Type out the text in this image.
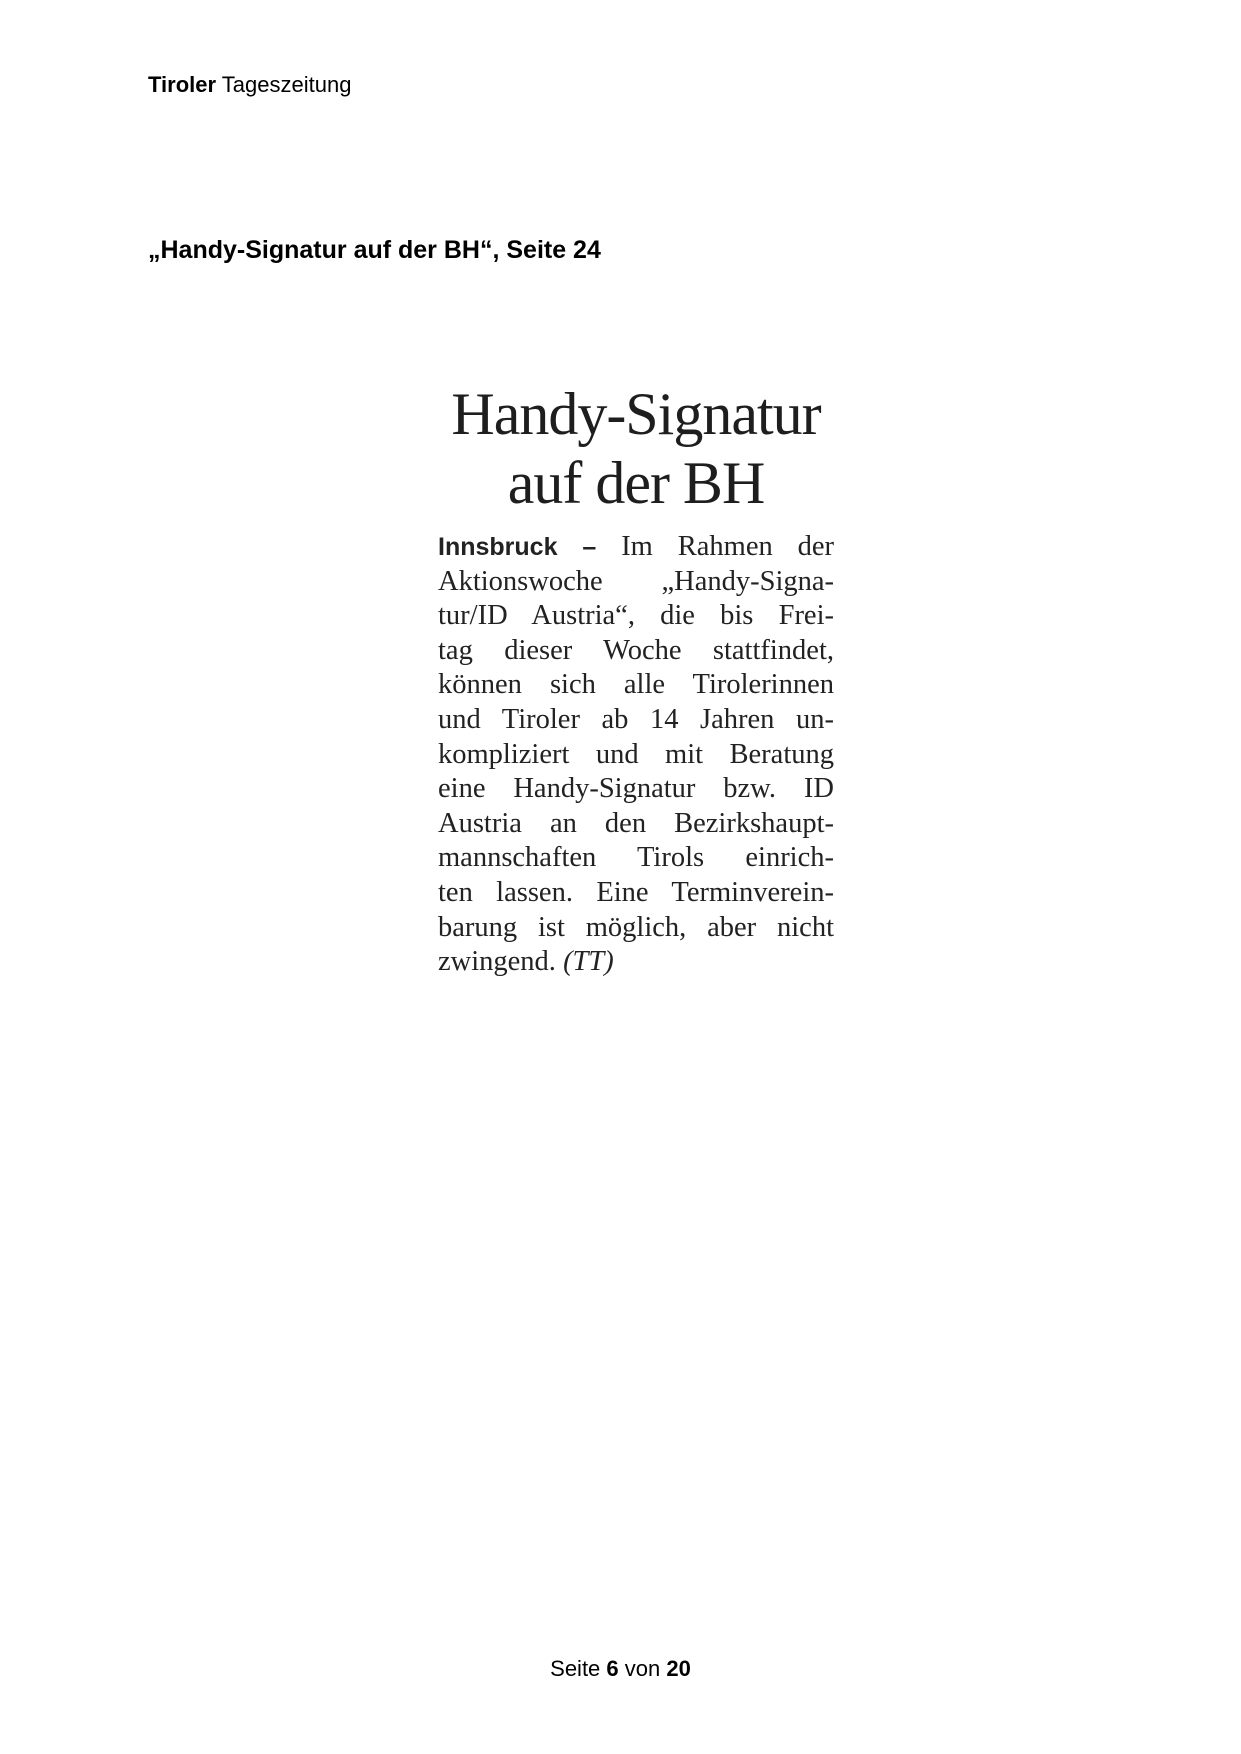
Tiroler Tageszeitung
„Handy-Signatur auf der BH“, Seite 24
Handy-Signatur
auf der BH
Innsbruck – Im Rahmen der
Aktionswoche „Handy-Signa-
tur/ID Austria“, die bis Frei-
tag dieser Woche stattfindet,
können sich alle Tirolerinnen
und Tiroler ab 14 Jahren un-
kompliziert und mit Beratung
eine Handy-Signatur bzw. ID
Austria an den Bezirkshaupt-
mannschaften Tirols einrich-
ten lassen. Eine Terminverein-
barung ist möglich, aber nicht
zwingend. (TT)
Seite 6 von 20
